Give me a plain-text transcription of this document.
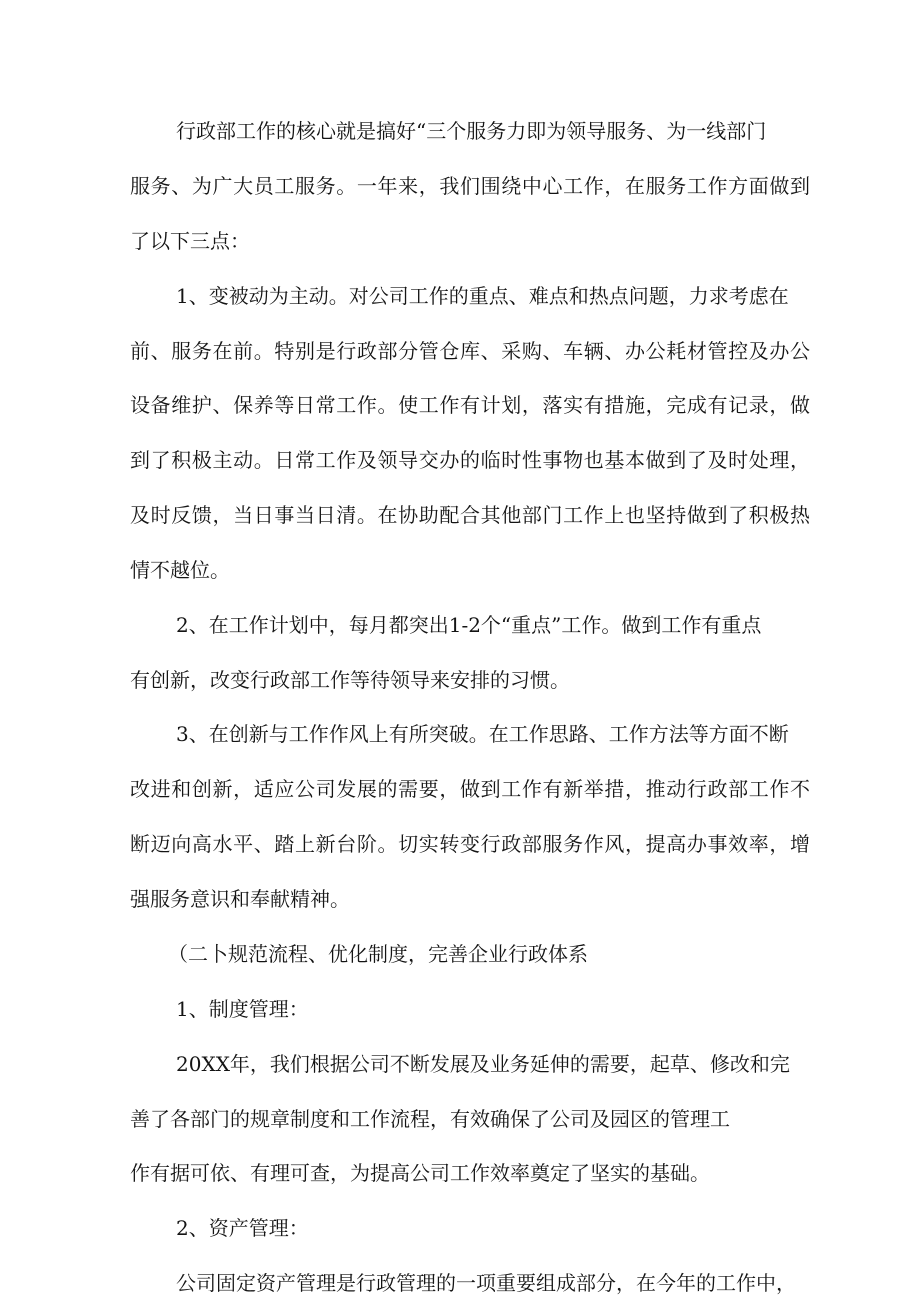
行政部工作的核心就是搞好“三个服务力即为领导服务、为一线部门
服务、为广大员工服务。一年来，我们围绕中心工作，在服务工作方面做到
了以下三点：
1、变被动为主动。对公司工作的重点、难点和热点问题，力求考虑在
前、服务在前。特别是行政部分管仓库、采购、车辆、办公耗材管控及办公
设备维护、保养等日常工作。使工作有计划，落实有措施，完成有记录，做
到了积极主动。日常工作及领导交办的临时性事物也基本做到了及时处理，
及时反馈，当日事当日清。在协助配合其他部门工作上也坚持做到了积极热
情不越位。
2、在工作计划中，每月都突出1-2个“重点”工作。做到工作有重点
有创新，改变行政部工作等待领导来安排的习惯。
3、在创新与工作作风上有所突破。在工作思路、工作方法等方面不断
改进和创新，适应公司发展的需要，做到工作有新举措，推动行政部工作不
断迈向高水平、踏上新台阶。切实转变行政部服务作风，提高办事效率，增
强服务意识和奉献精神。
（二卜规范流程、优化制度，完善企业行政体系
1、制度管理：
20XX年，我们根据公司不断发展及业务延伸的需要，起草、修改和完
善了各部门的规章制度和工作流程，有效确保了公司及园区的管理工
作有据可依、有理可查，为提高公司工作效率奠定了坚实的基础。
2、资产管理：
公司固定资产管理是行政管理的一项重要组成部分，在今年的工作中，
